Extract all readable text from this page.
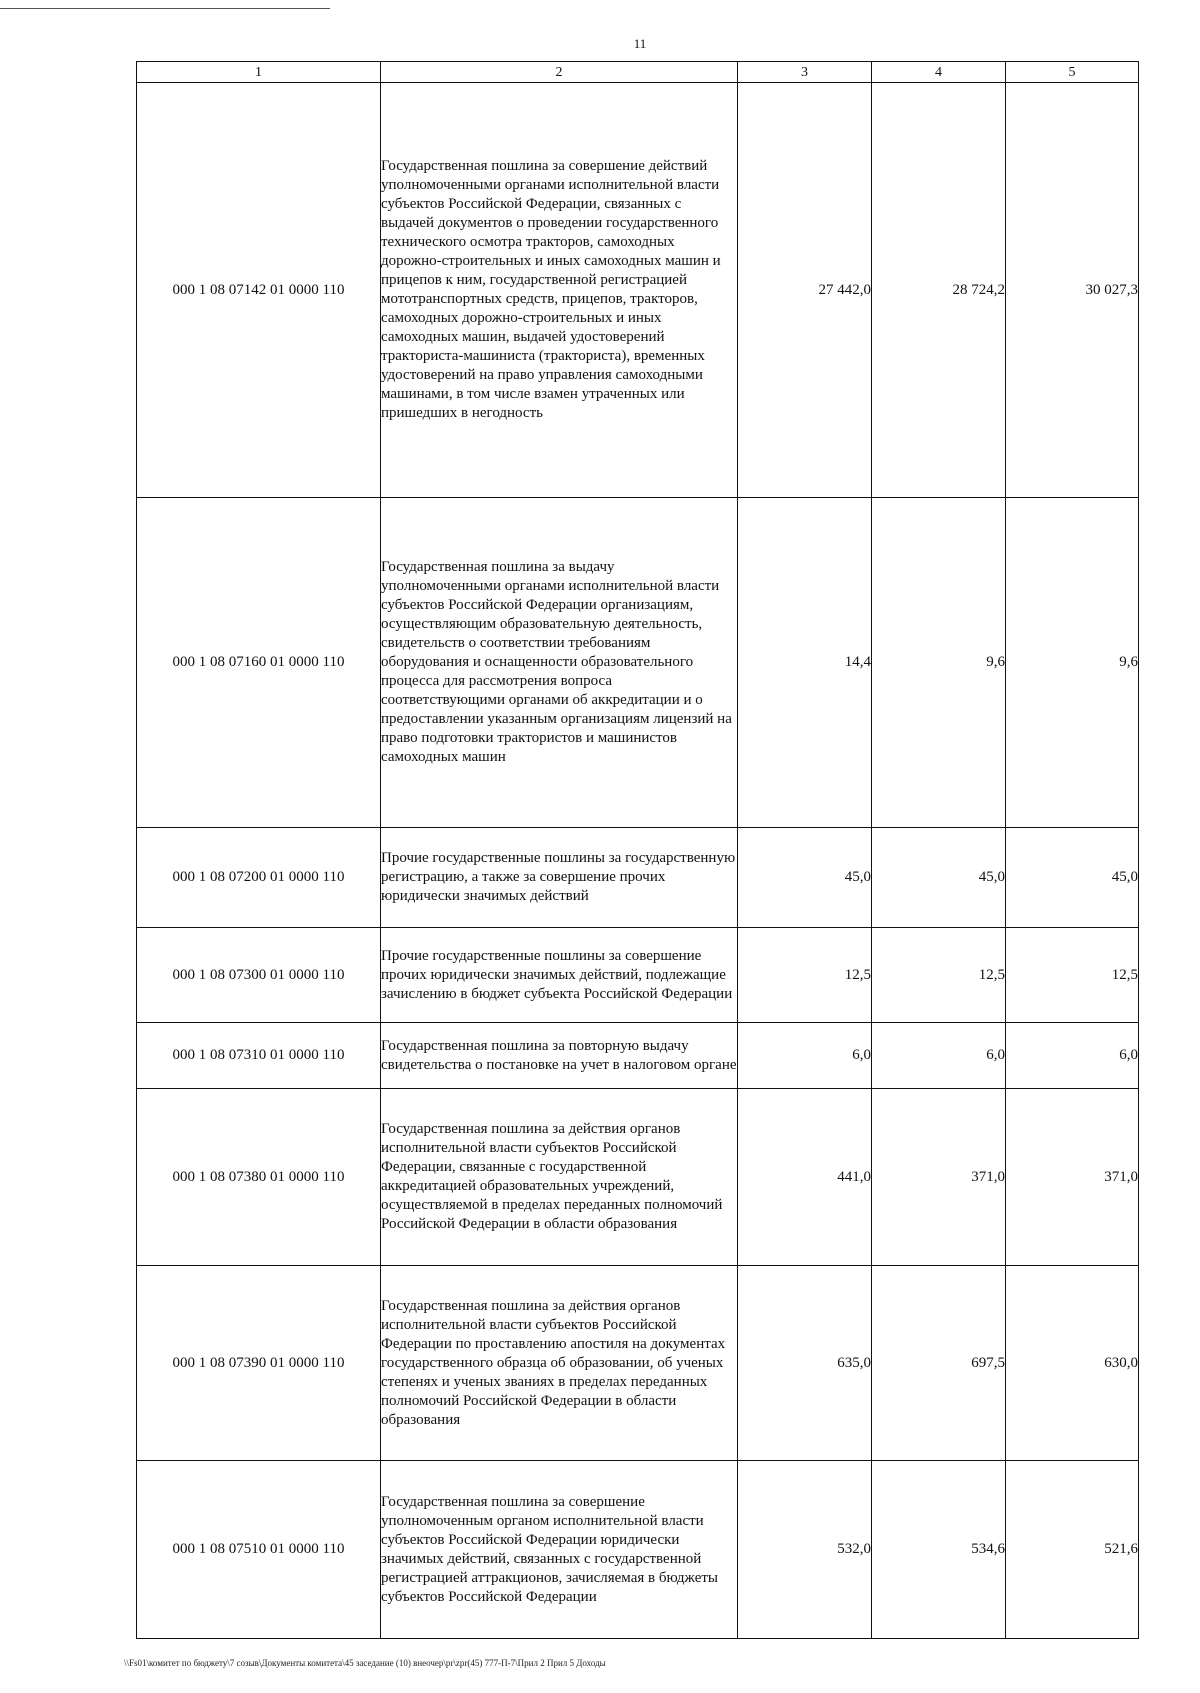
11
1	2	3	4	5
000 1 08 07142 01 0000 110	Государственная пошлина за совершение действий уполномоченными органами исполнительной власти субъектов Российской Федерации, связанных с выдачей документов о проведении государственного технического осмотра тракторов, самоходных дорожно-строительных и иных самоходных машин и прицепов к ним, государственной регистрацией мототранспортных средств, прицепов, тракторов, самоходных дорожно-строительных и иных самоходных машин, выдачей удостоверений тракториста-машиниста (тракториста), временных удостоверений на право управления самоходными машинами, в том числе взамен утраченных или пришедших в негодность	27 442,0	28 724,2	30 027,3
000 1 08 07160 01 0000 110	Государственная пошлина за выдачу уполномоченными органами исполнительной власти субъектов Российской Федерации организациям, осуществляющим образовательную деятельность, свидетельств о соответствии требованиям оборудования и оснащенности образовательного процесса для рассмотрения вопроса соответствующими органами об аккредитации и о предоставлении указанным организациям лицензий на право подготовки трактористов и машинистов самоходных машин	14,4	9,6	9,6
000 1 08 07200 01 0000 110	Прочие государственные пошлины за государственную регистрацию, а также за совершение прочих юридически значимых действий	45,0	45,0	45,0
000 1 08 07300 01 0000 110	Прочие государственные пошлины за совершение прочих юридически значимых действий, подлежащие зачислению в бюджет субъекта Российской Федерации	12,5	12,5	12,5
000 1 08 07310 01 0000 110	Государственная пошлина за повторную выдачу свидетельства о постановке на учет в налоговом органе	6,0	6,0	6,0
000 1 08 07380 01 0000 110	Государственная пошлина за действия органов исполнительной власти субъектов Российской Федерации, связанные с государственной аккредитацией образовательных учреждений, осуществляемой в пределах переданных полномочий Российской Федерации в области образования	441,0	371,0	371,0
000 1 08 07390 01 0000 110	Государственная пошлина за действия органов исполнительной власти субъектов Российской Федерации по проставлению апостиля на документах государственного образца об образовании, об ученых степенях и ученых званиях в пределах переданных полномочий Российской Федерации в области образования	635,0	697,5	630,0
000 1 08 07510 01 0000 110	Государственная пошлина за совершение уполномоченным органом исполнительной власти субъектов Российской Федерации юридически значимых действий, связанных с государственной регистрацией аттракционов, зачисляемая в бюджеты субъектов Российской Федерации	532,0	534,6	521,6
\\Fs01\комитет по бюджету\7 созыв\Документы комитета\45 заседание (10) внеочер\pr\zpr(45) 777-П-7\Прил 2 Прил 5 Доходы
